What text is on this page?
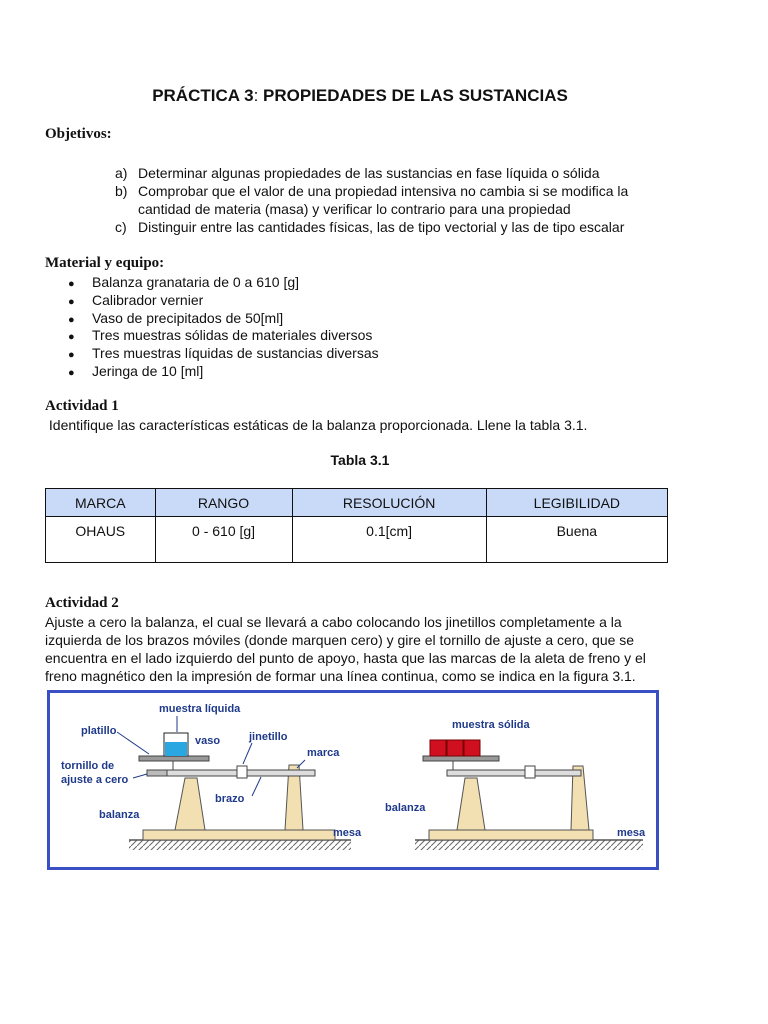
PRÁCTICA 3: PROPIEDADES DE LAS SUSTANCIAS
Objetivos:
a) Determinar algunas propiedades de las sustancias en fase líquida o sólida
b) Comprobar que el valor de una propiedad intensiva no cambia si se modifica la
cantidad de materia (masa) y verificar lo contrario para una propiedad
c) Distinguir entre las cantidades físicas, las de tipo vectorial y las de tipo escalar
Material y equipo:
● Balanza granataria de 0 a 610 [g]
● Calibrador vernier
● Vaso de precipitados de 50[ml]
● Tres muestras sólidas de materiales diversos
● Tres muestras líquidas de sustancias diversas
● Jeringa de 10 [ml]
Actividad 1
Identifique las características estáticas de la balanza proporcionada. Llene la tabla 3.1.
Tabla 3.1
MARCA	RANGO	RESOLUCIÓN	LEGIBILIDAD
OHAUS	0 - 610 [g]	0.1[cm]	Buena
Actividad 2
Ajuste a cero la balanza, el cual se llevará a cabo colocando los jinetillos completamente a la
izquierda de los brazos móviles (donde marquen cero) y gire el tornillo de ajuste a cero, que se
encuentra en el lado izquierdo del punto de apoyo, hasta que las marcas de la aleta de freno y el
freno magnético den la impresión de formar una línea continua, como se indica en la figura 3.1.
muestra líquida
platillo
vaso	jinetillo
marca
tornillo de
ajuste a cero
brazo
balanza
mesa
muestra sólida
balanza
mesa
